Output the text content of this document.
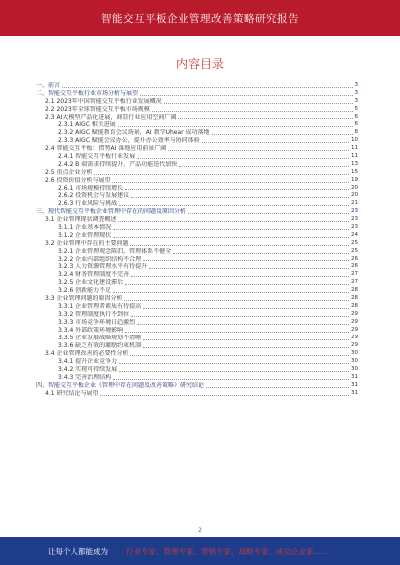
智能交互平板企业管理改善策略研究报告
内容目录
一、前言	3
二、智能交互平板行业市场分析与展望	3
2.1 2023年中国智能交互平板行业发展概况	3
2.2 2023年全球智能交互平板市场规模	5
2.3 AI大模型产品化进展，商显行业应用空间广阔	6
2.3.1 AIGC 相关进展	6
2.3.2 AIGC 赋能教育会议场景，AI 教学Uhear 成功落地	8
2.3.3 AIGC 赋能会议办公，提升办公效率与协同体验	10
2.4 智能交互平板：借势AI 落地应用前景广阔	11
2.4.1 智能交互平板行业发展	11
2.4.2 B 端需求持续提升，产品功能迭代加快	13
2.5 重点企业分析	15
2.6 投资价值分析与展望	19
2.6.1 市场规模持续增长	20
2.6.2 投资机会与发展建议	20
2.6.3 行业风险与挑战	21
三、现代智能交互平板企业管理中存在的问题及原因分析	23
3.1 企业管理现状调查概述	23
3.1.1 企业基本情况	23
3.1.2 企业管理现状	24
3.2 企业管理中存在的主要问题	25
3.2.1 企业管理观念陈旧，管理体系不健全	25
3.2.2 企业内部组织结构不合理	26
3.2.3 人力资源管理水平有待提升	26
3.2.4 财务管理制度不完善	27
3.2.5 企业文化建设滞后	27
3.2.6 创新能力不足	28
3.3 企业管理问题的原因分析	28
3.3.1 企业管理者素质有待提高	28
3.3.2 管理制度执行不到位	29
3.3.3 市场竞争环境日趋激烈	29
3.3.4 外部政策环境影响	29
3.3.5 企业发展战略规划不清晰	29
3.3.6 缺乏有效的激励约束机制	29
3.4 企业管理改善的必要性分析	30
3.4.1 提升企业竞争力	30
3.4.2 实现可持续发展	30
3.4.3 完善治理结构	31
四、智能交互平板企业《管理中存在问题及改善策略》研究结论	31
4.1 研究结论与展望	31
2
让每个人都能成为 行业专家、管理专家、营销专家、战略专家、成功企业家……
